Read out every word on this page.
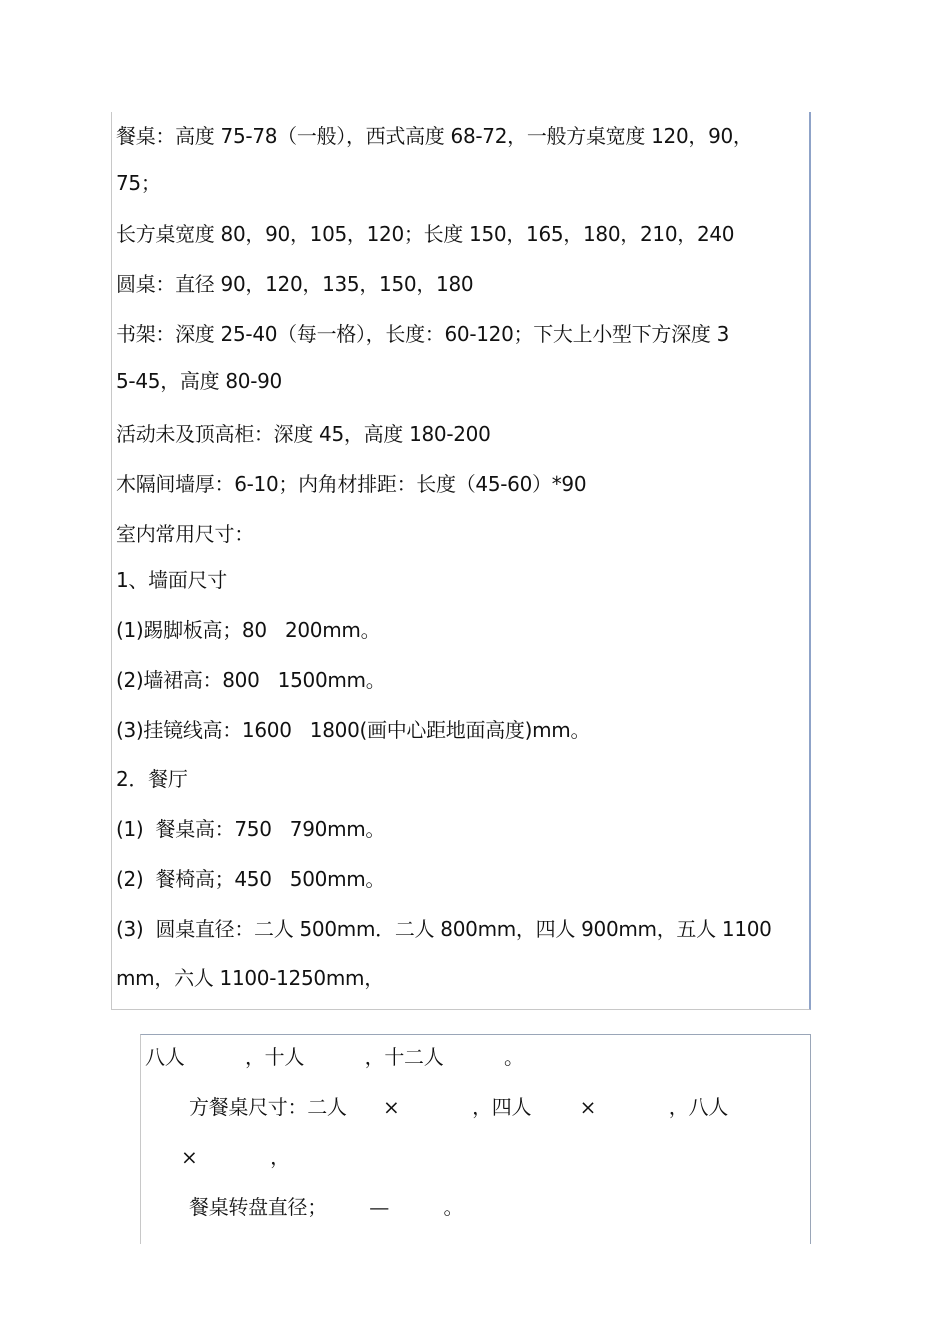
餐桌：高度 75-78（一般），西式高度 68-72，一般方桌宽度 120，90，
75；
长方桌宽度 80，90，105，120；长度 150，165，180，210，240
圆桌：直径 90，120，135，150，180
书架：深度 25-40（每一格），长度：60-120；下大上小型下方深度 3
5-45，高度 80-90
活动未及顶高柜：深度 45，高度 180-200
木隔间墙厚：6-10；内角材排距：长度（45-60）*90
室内常用尺寸：
1、墙面尺寸
(1)踢脚板高；80   200mm。
(2)墙裙高：800   1500mm。
(3)挂镜线高：1600   1800(画中心距地面高度)mm。
2．餐厅
(1)  餐桌高：750   790mm。
(2)  餐椅高；450   500mm。
(3)  圆桌直径：二人 500mm．二人 800mm，四人 900mm，五人 1100
mm，六人 1100-1250mm，
八人          ，十人          ，十二人          。
方餐桌尺寸：二人      ×            ，四人        ×            ，八人
×            ，
餐桌转盘直径；       —         。
